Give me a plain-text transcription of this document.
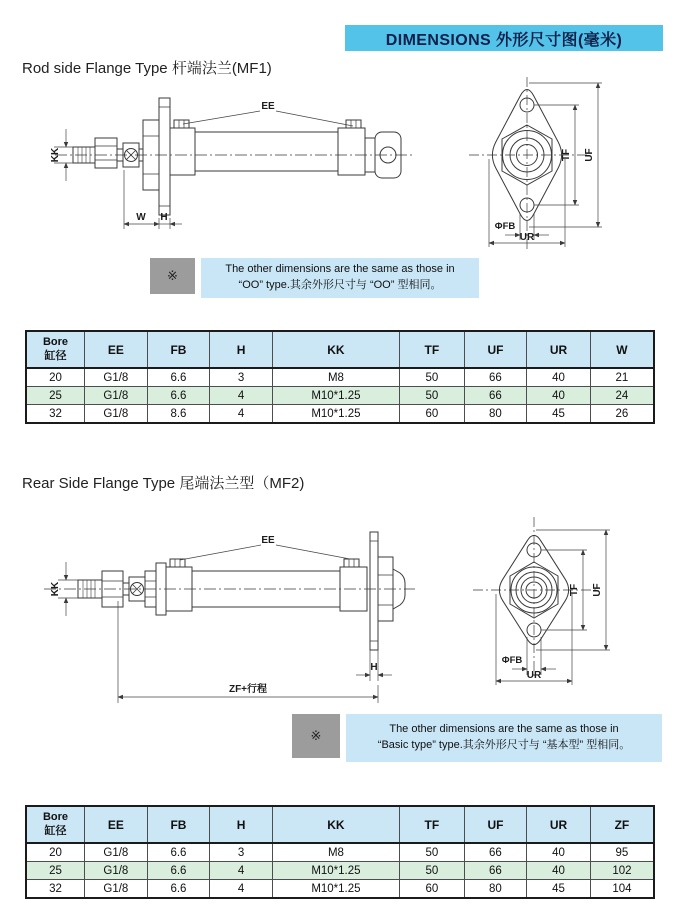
DIMENSIONS 外形尺寸图(毫米)
Rod side Flange Type 杆端法兰(MF1)
EE
KK
W H
TF UF
ΦFB
UR
※	The other dimensions are the same as those in
“OO” type.其余外形尺寸与 “OO” 型相同。
Bore
缸径	EE	FB	H	KK	TF	UF	UR	W
20	G1/8	6.6	3	M8	50	66	40	21
25	G1/8	6.6	4	M10*1.25	50	66	40	24
32	G1/8	8.6	4	M10*1.25	60	80	45	26
Rear Side Flange Type 尾端法兰型（MF2)
EE
KK
H
ZF+行程
TF UF
ΦFB
UR
※	The other dimensions are the same as those in
“Basic type” type.其余外形尺寸与 “基本型” 型相同。
Bore
缸径	EE	FB	H	KK	TF	UF	UR	ZF
20	G1/8	6.6	3	M8	50	66	40	95
25	G1/8	6.6	4	M10*1.25	50	66	40	102
32	G1/8	6.6	4	M10*1.25	60	80	45	104
